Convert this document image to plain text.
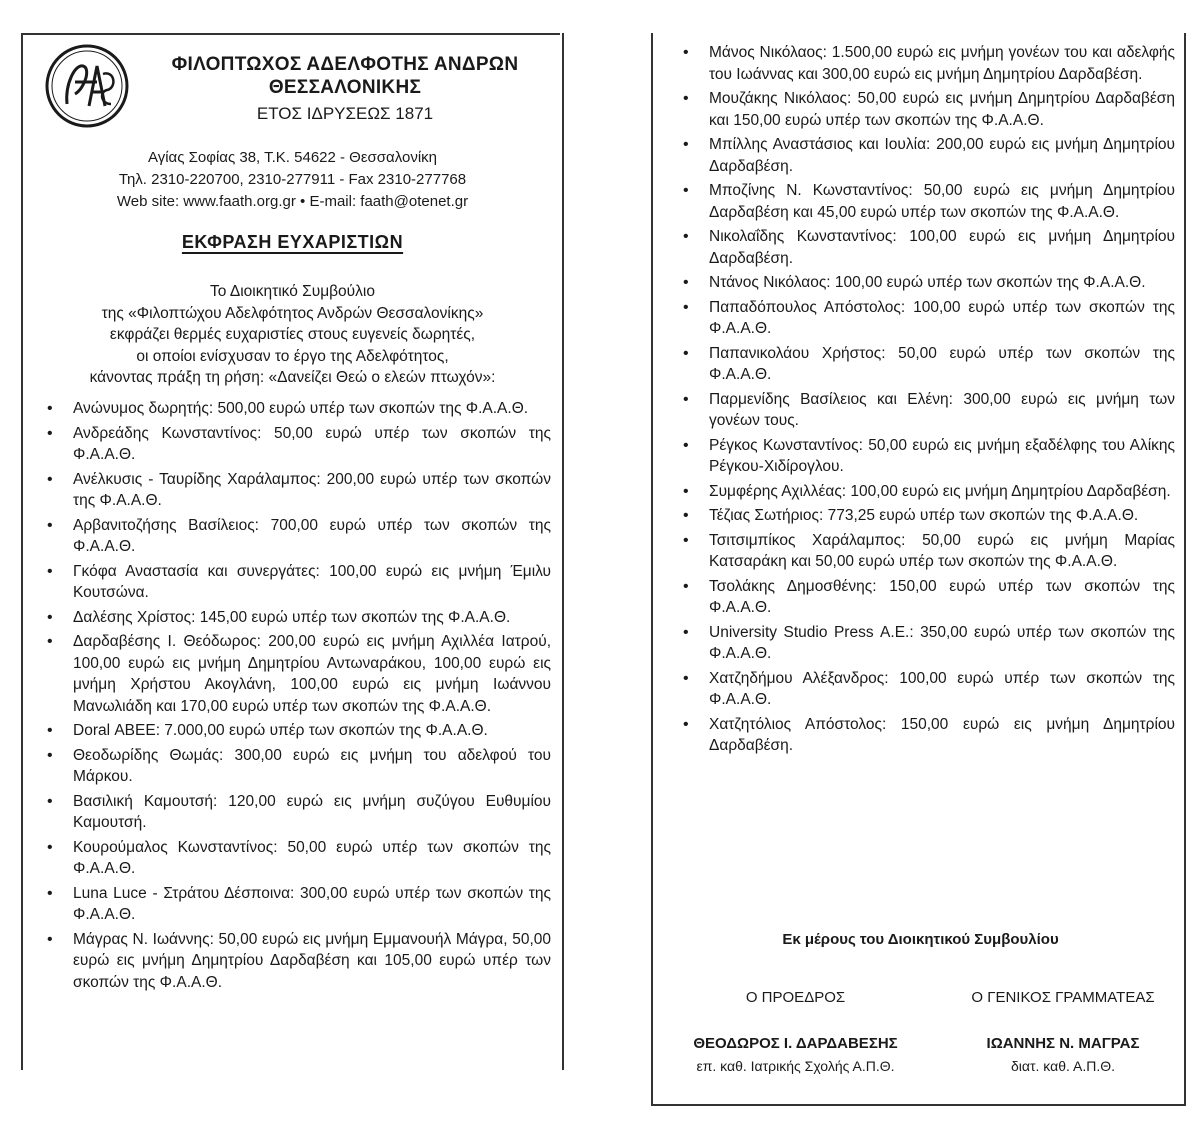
ΦΙΛΟΠΤΩΧΟΣ ΑΔΕΛΦΟΤΗΣ ΑΝΔΡΩΝ
ΘΕΣΣΑΛΟΝΙΚΗΣ
ΕΤΟΣ ΙΔΡΥΣΕΩΣ 1871
Αγίας Σοφίας 38, Τ.Κ. 54622 - Θεσσαλονίκη
Τηλ. 2310-220700, 2310-277911 - Fax 2310-277768
Web site: www.faath.org.gr • E-mail: faath@otenet.gr
ΕΚΦΡΑΣΗ ΕΥΧΑΡΙΣΤΙΩΝ
Το Διοικητικό Συμβούλιο
της «Φιλοπτώχου Αδελφότητος Ανδρών Θεσσαλονίκης»
εκφράζει θερμές ευχαριστίες στους ευγενείς δωρητές,
οι οποίοι ενίσχυσαν το έργο της Αδελφότητος,
κάνοντας πράξη τη ρήση: «Δανείζει Θεώ ο ελεών πτωχόν»:
• Ανώνυμος δωρητής: 500,00 ευρώ υπέρ των σκοπών της Φ.Α.Α.Θ.
• Ανδρεάδης Κωνσταντίνος: 50,00 ευρώ υπέρ των σκοπών της Φ.Α.Α.Θ.
• Ανέλκυσις - Ταυρίδης Χαράλαμπος: 200,00 ευρώ υπέρ των σκοπών της Φ.Α.Α.Θ.
• Αρβανιτοζήσης Βασίλειος: 700,00 ευρώ υπέρ των σκοπών της Φ.Α.Α.Θ.
• Γκόφα Αναστασία και συνεργάτες: 100,00 ευρώ εις μνήμη Έμιλυ Κουτσώνα.
• Δαλέσης Χρίστος: 145,00 ευρώ υπέρ των σκοπών της Φ.Α.Α.Θ.
• Δαρδαβέσης Ι. Θεόδωρος: 200,00 ευρώ εις μνήμη Αχιλλέα Ιατρού, 100,00 ευρώ εις μνήμη Δημητρίου Αντωναράκου, 100,00 ευρώ εις μνήμη Χρήστου Ακογλάνη, 100,00 ευρώ εις μνήμη Ιωάννου Μανωλιάδη και 170,00 ευρώ υπέρ των σκοπών της Φ.Α.Α.Θ.
• Doral ΑΒΕΕ: 7.000,00 ευρώ υπέρ των σκοπών της Φ.Α.Α.Θ.
• Θεοδωρίδης Θωμάς: 300,00 ευρώ εις μνήμη του αδελφού του Μάρκου.
• Βασιλική Καμουτσή: 120,00 ευρώ εις μνήμη συζύγου Ευθυμίου Καμουτσή.
• Κουρούμαλος Κωνσταντίνος: 50,00 ευρώ υπέρ των σκοπών της Φ.Α.Α.Θ.
• Luna Luce - Στράτου Δέσποινα: 300,00 ευρώ υπέρ των σκοπών της Φ.Α.Α.Θ.
• Μάγρας Ν. Ιωάννης: 50,00 ευρώ εις μνήμη Εμμανουήλ Μάγρα, 50,00 ευρώ εις μνήμη Δημητρίου Δαρδαβέση και 105,00 ευρώ υπέρ των σκοπών της Φ.Α.Α.Θ.
• Μάνος Νικόλαος: 1.500,00 ευρώ εις μνήμη γονέων του και αδελφής του Ιωάννας και 300,00 ευρώ εις μνήμη Δημητρίου Δαρδαβέση.
• Μουζάκης Νικόλαος: 50,00 ευρώ εις μνήμη Δημητρίου Δαρδαβέση και 150,00 ευρώ υπέρ των σκοπών της Φ.Α.Α.Θ.
• Μπίλλης Αναστάσιος και Ιουλία: 200,00 ευρώ εις μνήμη Δημητρίου Δαρδαβέση.
• Μποζίνης Ν. Κωνσταντίνος: 50,00 ευρώ εις μνήμη Δημητρίου Δαρδαβέση και 45,00 ευρώ υπέρ των σκοπών της Φ.Α.Α.Θ.
• Νικολαΐδης Κωνσταντίνος: 100,00 ευρώ εις μνήμη Δημητρίου Δαρδαβέση.
• Ντάνος Νικόλαος: 100,00 ευρώ υπέρ των σκοπών της Φ.Α.Α.Θ.
• Παπαδόπουλος Απόστολος: 100,00 ευρώ υπέρ των σκοπών της Φ.Α.Α.Θ.
• Παπανικολάου Χρήστος: 50,00 ευρώ υπέρ των σκοπών της Φ.Α.Α.Θ.
• Παρμενίδης Βασίλειος και Ελένη: 300,00 ευρώ εις μνήμη των γονέων τους.
• Ρέγκος Κωνσταντίνος: 50,00 ευρώ εις μνήμη εξαδέλφης του Αλίκης Ρέγκου-Χιδίρογλου.
• Συμφέρης Αχιλλέας: 100,00 ευρώ εις μνήμη Δημητρίου Δαρδαβέση.
• Τέζιας Σωτήριος: 773,25 ευρώ υπέρ των σκοπών της Φ.Α.Α.Θ.
• Τσιτσιμπίκος Χαράλαμπος: 50,00 ευρώ εις μνήμη Μαρίας Κατσαράκη και 50,00 ευρώ υπέρ των σκοπών της Φ.Α.Α.Θ.
• Τσολάκης Δημοσθένης: 150,00 ευρώ υπέρ των σκοπών της Φ.Α.Α.Θ.
• University Studio Press Α.Ε.: 350,00 ευρώ υπέρ των σκοπών της Φ.Α.Α.Θ.
• Χατζηδήμου Αλέξανδρος: 100,00 ευρώ υπέρ των σκοπών της Φ.Α.Α.Θ.
• Χατζητόλιος Απόστολος: 150,00 ευρώ εις μνήμη Δημητρίου Δαρδαβέση.
Εκ μέρους του Διοικητικού Συμβουλίου
Ο ΠΡΟΕΔΡΟΣ	Ο ΓΕΝΙΚΟΣ ΓΡΑΜΜΑΤΕΑΣ
ΘΕΟΔΩΡΟΣ Ι. ΔΑΡΔΑΒΕΣΗΣ	ΙΩΑΝΝΗΣ Ν. ΜΑΓΡΑΣ
επ. καθ. Ιατρικής Σχολής Α.Π.Θ.	διατ. καθ. Α.Π.Θ.
